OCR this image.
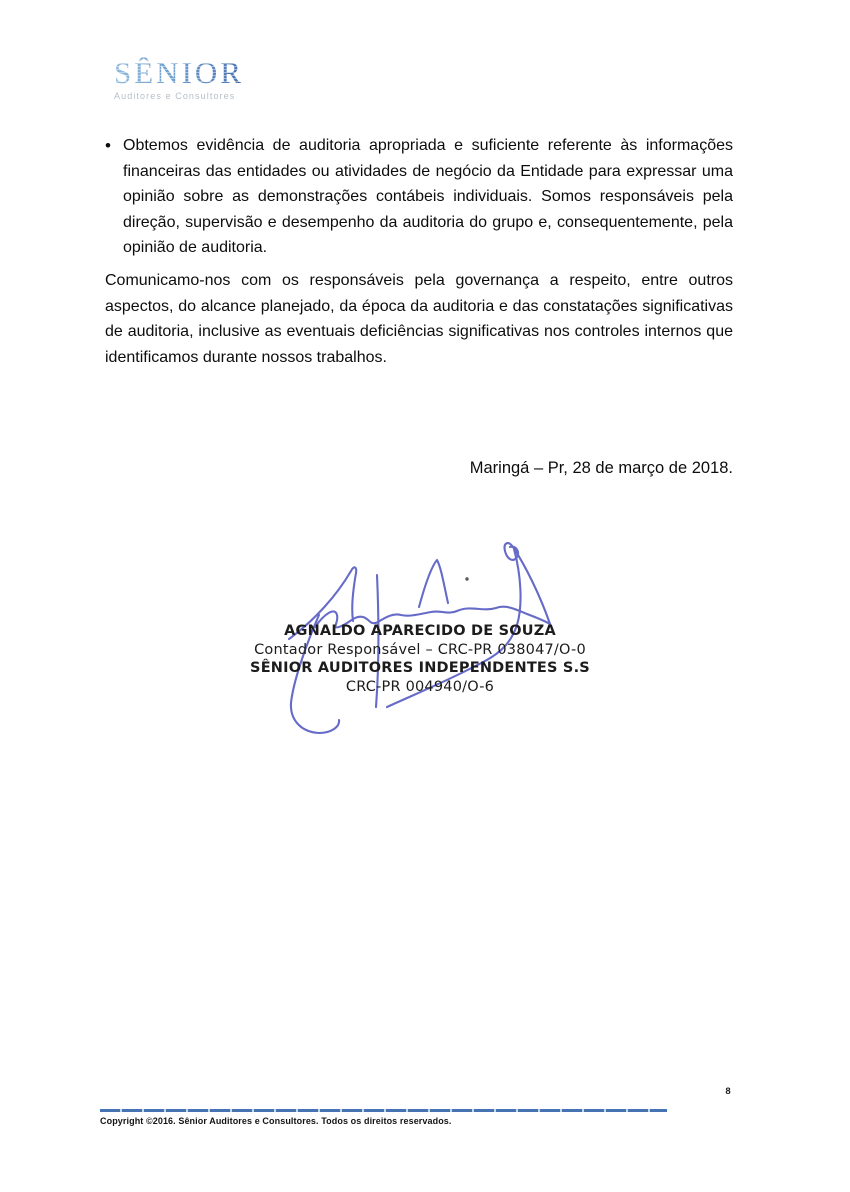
SÊNIOR
Auditores e Consultores
• Obtemos evidência de auditoria apropriada e suficiente referente às informações financeiras das entidades ou atividades de negócio da Entidade para expressar uma opinião sobre as demonstrações contábeis individuais. Somos responsáveis pela direção, supervisão e desempenho da auditoria do grupo e, consequentemente, pela opinião de auditoria.

Comunicamo-nos com os responsáveis pela governança a respeito, entre outros aspectos, do alcance planejado, da época da auditoria e das constatações significativas de auditoria, inclusive as eventuais deficiências significativas nos controles internos que identificamos durante nossos trabalhos.

Maringá – Pr, 28 de março de 2018.

AGNALDO APARECIDO DE SOUZA

Contador Responsável – CRC-PR 038047/O-0

SÊNIOR AUDITORES INDEPENDENTES S.S

CRC-PR 004940/O-6

8

Copyright ©2016. Sênior Auditores e Consultores. Todos os direitos reservados.
